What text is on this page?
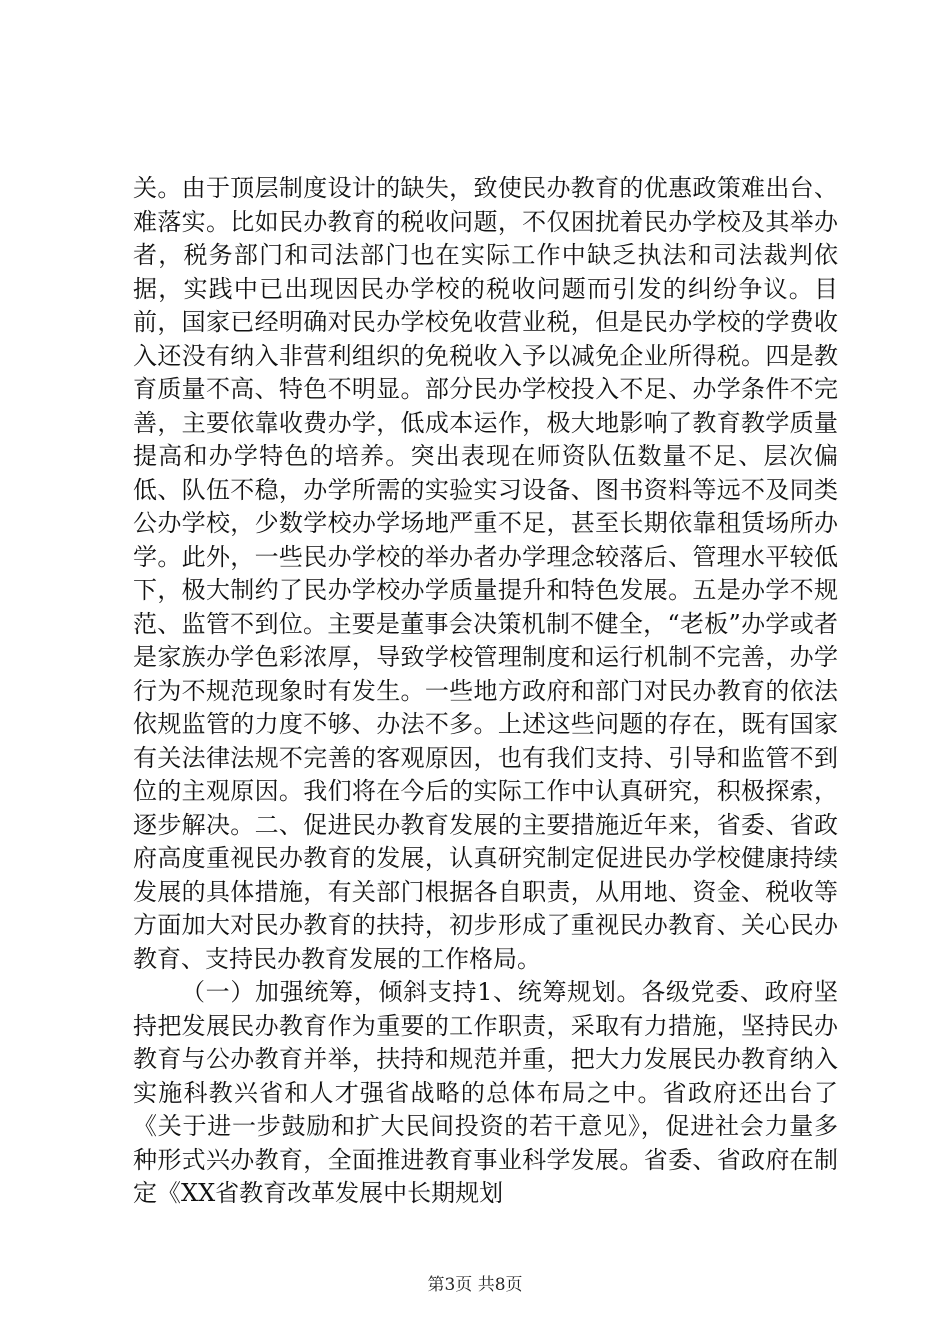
关。由于顶层制度设计的缺失，致使民办教育的优惠政策难出台、难落实。比如民办教育的税收问题，不仅困扰着民办学校及其举办者，税务部门和司法部门也在实际工作中缺乏执法和司法裁判依据，实践中已出现因民办学校的税收问题而引发的纠纷争议。目前，国家已经明确对民办学校免收营业税，但是民办学校的学费收入还没有纳入非营利组织的免税收入予以减免企业所得税。四是教育质量不高、特色不明显。部分民办学校投入不足、办学条件不完善，主要依靠收费办学，低成本运作，极大地影响了教育教学质量提高和办学特色的培养。突出表现在师资队伍数量不足、层次偏低、队伍不稳，办学所需的实验实习设备、图书资料等远不及同类公办学校，少数学校办学场地严重不足，甚至长期依靠租赁场所办学。此外，一些民办学校的举办者办学理念较落后、管理水平较低下，极大制约了民办学校办学质量提升和特色发展。五是办学不规范、监管不到位。主要是董事会决策机制不健全，“老板”办学或者是家族办学色彩浓厚，导致学校管理制度和运行机制不完善，办学行为不规范现象时有发生。一些地方政府和部门对民办教育的依法依规监管的力度不够、办法不多。上述这些问题的存在，既有国家有关法律法规不完善的客观原因，也有我们支持、引导和监管不到位的主观原因。我们将在今后的实际工作中认真研究，积极探索，逐步解决。二、促进民办教育发展的主要措施近年来，省委、省政府高度重视民办教育的发展，认真研究制定促进民办学校健康持续发展的具体措施，有关部门根据各自职责，从用地、资金、税收等方面加大对民办教育的扶持，初步形成了重视民办教育、关心民办教育、支持民办教育发展的工作格局。

（一）加强统筹，倾斜支持1、统筹规划。各级党委、政府坚持把发展民办教育作为重要的工作职责，采取有力措施，坚持民办教育与公办教育并举，扶持和规范并重，把大力发展民办教育纳入实施科教兴省和人才强省战略的总体布局之中。省政府还出台了《关于进一步鼓励和扩大民间投资的若干意见》，促进社会力量多种形式兴办教育，全面推进教育事业科学发展。省委、省政府在制定《XX省教育改革发展中长期规划

第3页 共8页
